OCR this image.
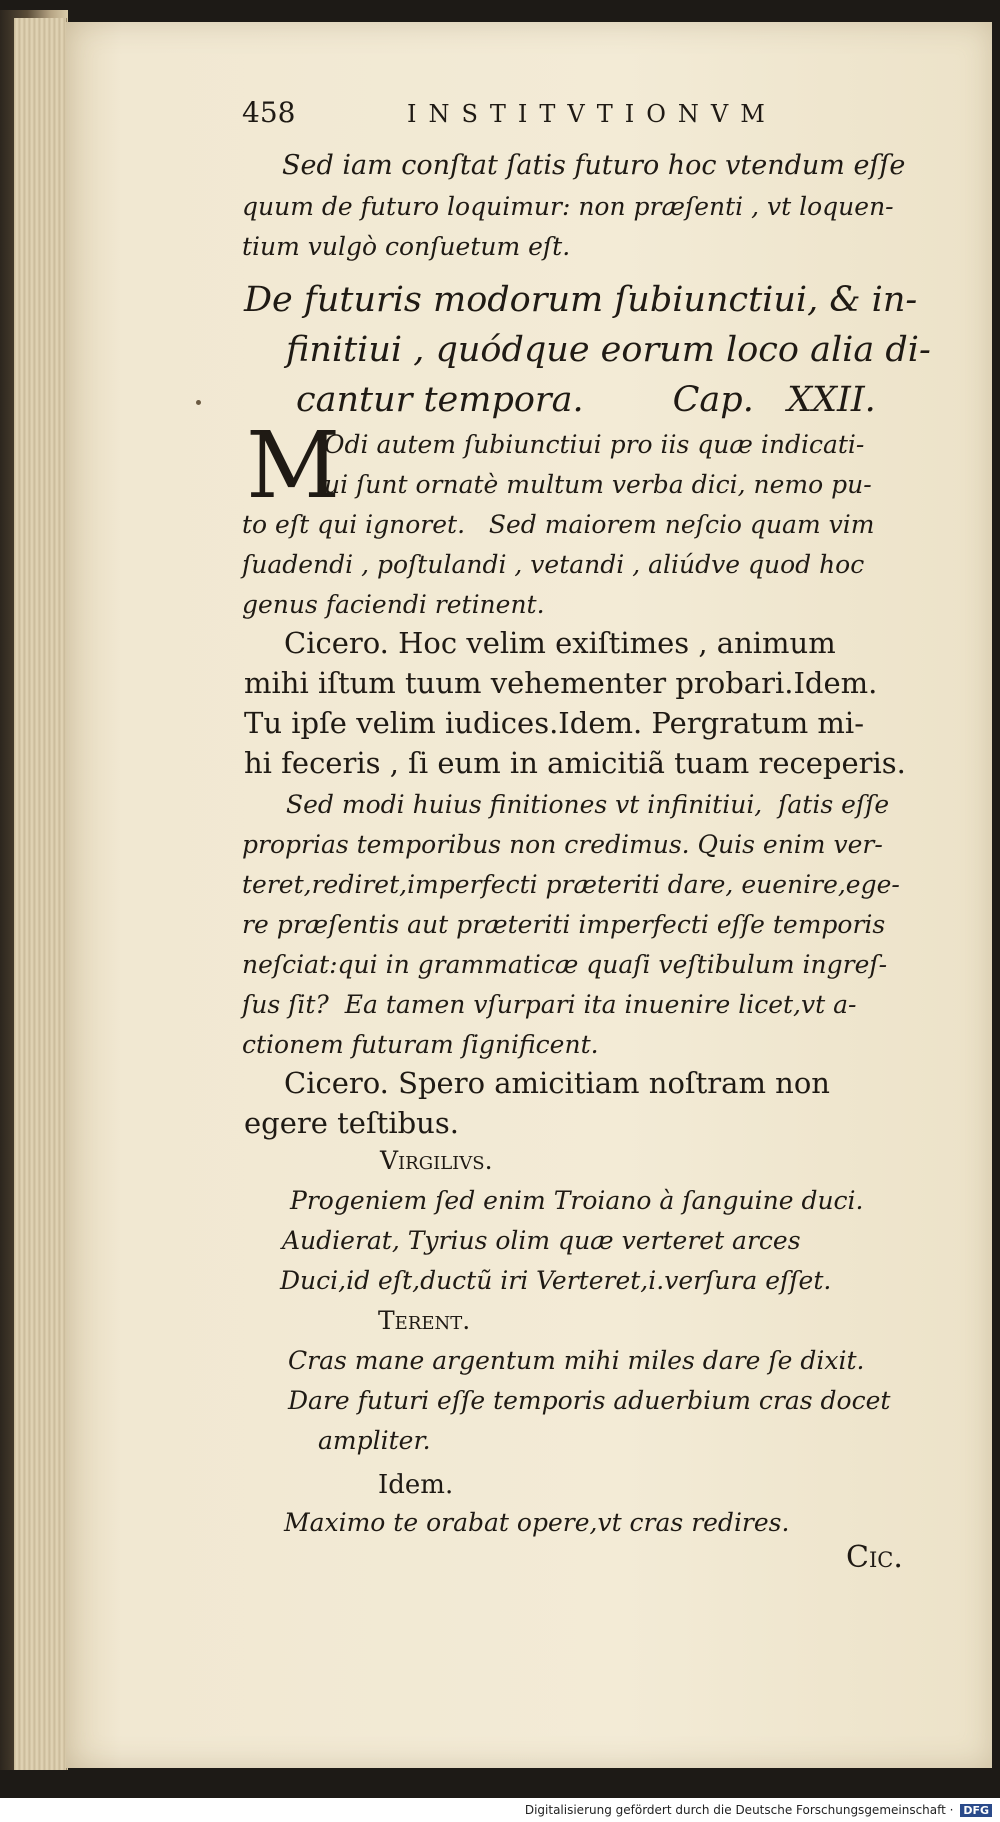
458	INSTITVTIONVM
Sed iam conſtat ſatis futuro hoc vtendum eſſe
quum de futuro loquimur: non præſenti , vt loquen-
tium vulgò conſuetum eſt.
De futuris modorum ſubiunctiui, & in-
finitiui , quódque eorum loco alia di-
cantur tempora.        Cap.   XXII.
M
Odi autem ſubiunctiui pro iis quæ indicati-
ui ſunt ornatè multum verba dici, nemo pu-
to eſt qui ignoret.   Sed maiorem neſcio quam vim
ſuadendi , poſtulandi , vetandi , aliúdve quod hoc
genus faciendi retinent.
Cicero. Hoc velim exiſtimes , animum
mihi iſtum tuum vehementer probari.Idem.
Tu ipſe velim iudices.Idem. Pergratum mi-
hi feceris , ſi eum in amicitiã tuam receperis.
Sed modi huius finitiones vt infinitiui,  ſatis eſſe
proprias temporibus non credimus. Quis enim ver-
teret,rediret,imperfecti præteriti dare, euenire,ege-
re præſentis aut præteriti imperfecti eſſe temporis
neſciat:qui in grammaticæ quaſi veſtibulum ingreſ-
ſus ſit?  Ea tamen vſurpari ita inuenire licet,vt a-
ctionem futuram ſignificent.
Cicero. Spero amicitiam noſtram non
egere teſtibus.
Virgilivs.
Progeniem ſed enim Troiano à ſanguine duci.
Audierat, Tyrius olim quæ verteret arces
Duci,id eſt,ductũ iri Verteret,i.verſura eſſet.
Terent.
Cras mane argentum mihi miles dare ſe dixit.
Dare futuri eſſe temporis aduerbium cras docet
ampliter.
Idem.
Maximo te orabat opere,vt cras redires.
Cic.
Digitalisierung gefördert durch die Deutsche Forschungsgemeinschaft · DFG
